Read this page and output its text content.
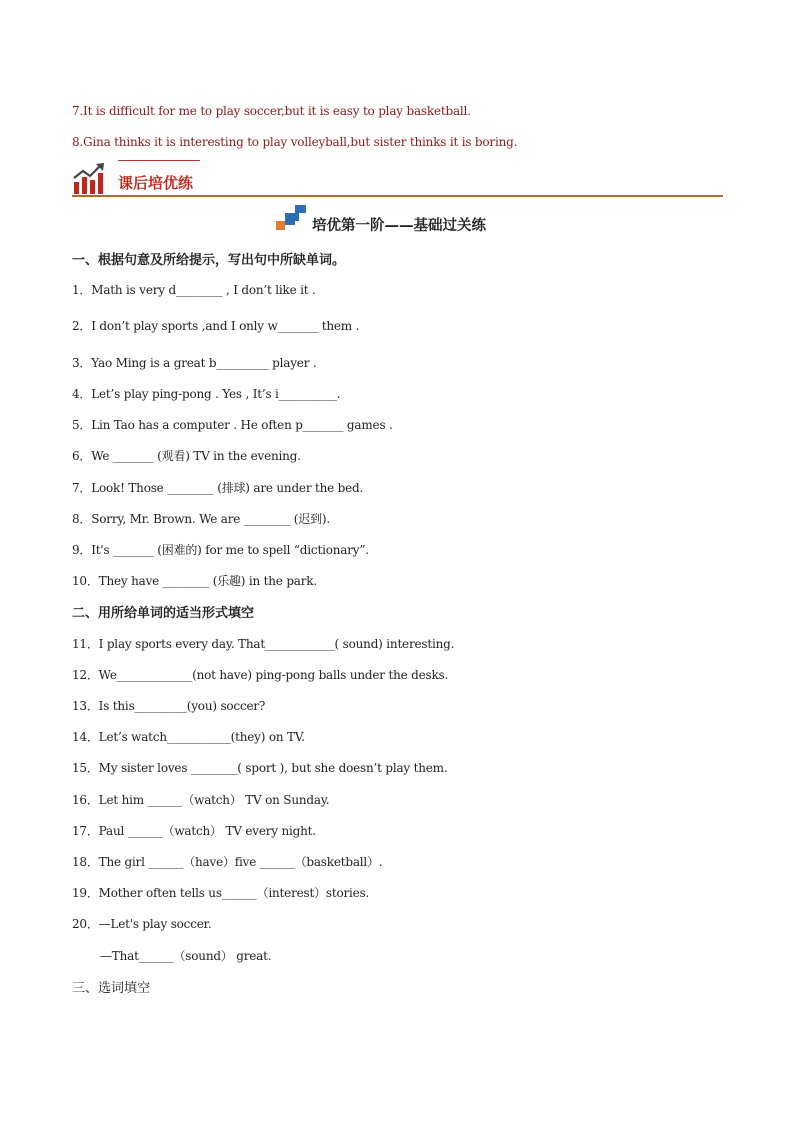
7.It is difficult for me to play soccer,but it is easy to play basketball.
8.Gina thinks it is interesting to play volleyball,but sister thinks it is boring.
课后培优练
培优第一阶——基础过关练
一、根据句意及所给提示，写出句中所缺单词。
1．Math is very d________ , I don’t like it .
2．I don’t play sports ,and I only w_______ them .
3．Yao Ming is a great b_________ player .
4．Let’s play ping-pong . Yes , It’s i__________.
5．Lin Tao has a computer . He often p_______ games .
6．We _______ (观看) TV in the evening.
7．Look! Those ________ (排球) are under the bed.
8．Sorry, Mr. Brown. We are ________ (迟到).
9．It's _______ (困难的) for me to spell “dictionary”.
10．They have ________ (乐趣) in the park.
二、用所给单词的适当形式填空
11．I play sports every day. That____________( sound) interesting.
12．We_____________(not have) ping-pong balls under the desks.
13．Is this_________(you) soccer?
14．Let’s watch___________(they) on TV.
15．My sister loves ________( sport ), but she doesn’t play them.
16．Let him ______（watch） TV on Sunday.
17．Paul ______（watch） TV every night.
18．The girl ______（have）five ______（basketball）.
19．Mother often tells us______（interest）stories.
20．—Let's play soccer.
—That______（sound） great.
三、选词填空
